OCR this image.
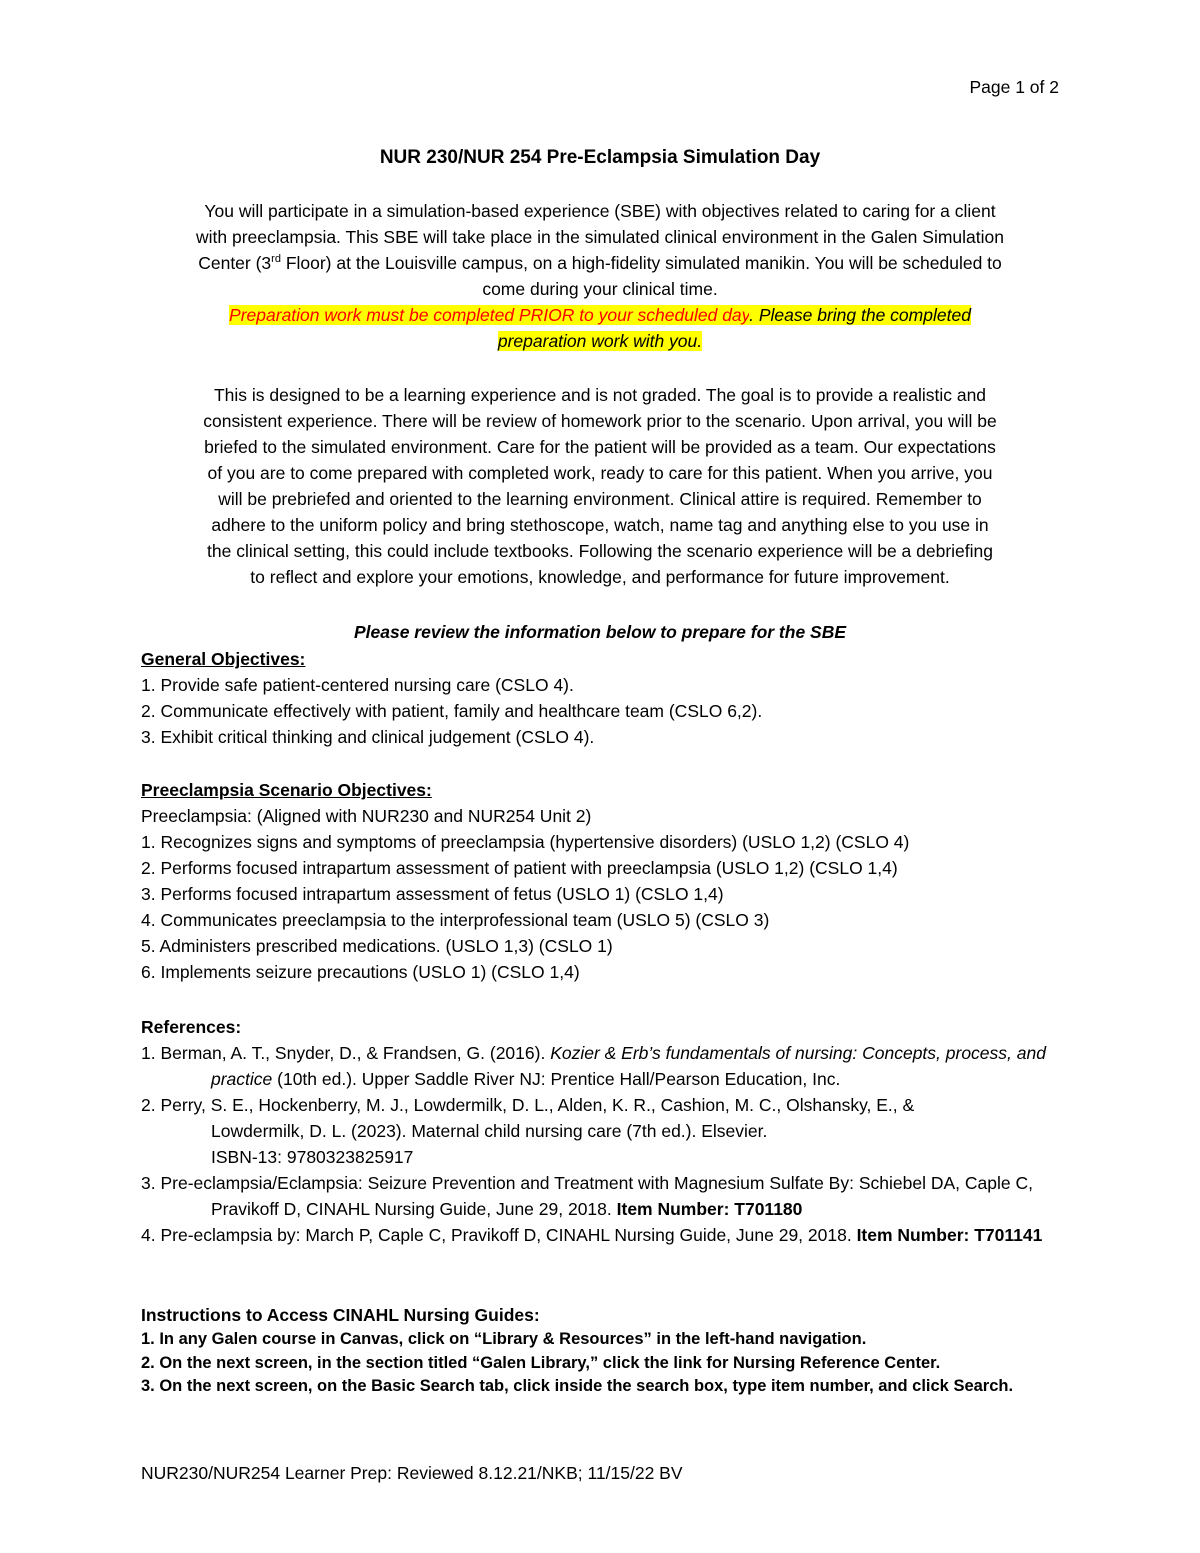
Page 1 of 2
NUR 230/NUR 254 Pre-Eclampsia Simulation Day
You will participate in a simulation-based experience (SBE) with objectives related to caring for a client
with preeclampsia. This SBE will take place in the simulated clinical environment in the Galen Simulation
Center (3rd Floor) at the Louisville campus, on a high-fidelity simulated manikin. You will be scheduled to
come during your clinical time.
Preparation work must be completed PRIOR to your scheduled day. Please bring the completed
preparation work with you.
This is designed to be a learning experience and is not graded. The goal is to provide a realistic and
consistent experience. There will be review of homework prior to the scenario. Upon arrival, you will be
briefed to the simulated environment. Care for the patient will be provided as a team. Our expectations
of you are to come prepared with completed work, ready to care for this patient. When you arrive, you
will be prebriefed and oriented to the learning environment. Clinical attire is required. Remember to
adhere to the uniform policy and bring stethoscope, watch, name tag and anything else to you use in
the clinical setting, this could include textbooks. Following the scenario experience will be a debriefing
to reflect and explore your emotions, knowledge, and performance for future improvement.
Please review the information below to prepare for the SBE
General Objectives:
1. Provide safe patient-centered nursing care (CSLO 4).
2. Communicate effectively with patient, family and healthcare team (CSLO 6,2).
3. Exhibit critical thinking and clinical judgement (CSLO 4).
Preeclampsia Scenario Objectives:
Preeclampsia: (Aligned with NUR230 and NUR254 Unit 2)
1. Recognizes signs and symptoms of preeclampsia (hypertensive disorders) (USLO 1,2) (CSLO 4)
2. Performs focused intrapartum assessment of patient with preeclampsia (USLO 1,2) (CSLO 1,4)
3. Performs focused intrapartum assessment of fetus (USLO 1) (CSLO 1,4)
4. Communicates preeclampsia to the interprofessional team (USLO 5) (CSLO 3)
5. Administers prescribed medications. (USLO 1,3) (CSLO 1)
6. Implements seizure precautions (USLO 1) (CSLO 1,4)
References:
1. Berman, A. T., Snyder, D., & Frandsen, G. (2016). Kozier & Erb’s fundamentals of nursing: Concepts, process, and practice (10th ed.). Upper Saddle River NJ: Prentice Hall/Pearson Education, Inc.
2. Perry, S. E., Hockenberry, M. J., Lowdermilk, D. L., Alden, K. R., Cashion, M. C., Olshansky, E., &
Lowdermilk, D. L. (2023). Maternal child nursing care (7th ed.). Elsevier.
ISBN-13: 9780323825917
3. Pre-eclampsia/Eclampsia: Seizure Prevention and Treatment with Magnesium Sulfate By: Schiebel DA, Caple C, Pravikoff D, CINAHL Nursing Guide, June 29, 2018. Item Number: T701180
4. Pre-eclampsia by: March P, Caple C, Pravikoff D, CINAHL Nursing Guide, June 29, 2018. Item Number: T701141
Instructions to Access CINAHL Nursing Guides:
1. In any Galen course in Canvas, click on “Library & Resources” in the left-hand navigation.
2. On the next screen, in the section titled “Galen Library,” click the link for Nursing Reference Center.
3. On the next screen, on the Basic Search tab, click inside the search box, type item number, and click Search.
NUR230/NUR254 Learner Prep: Reviewed 8.12.21/NKB; 11/15/22 BV
